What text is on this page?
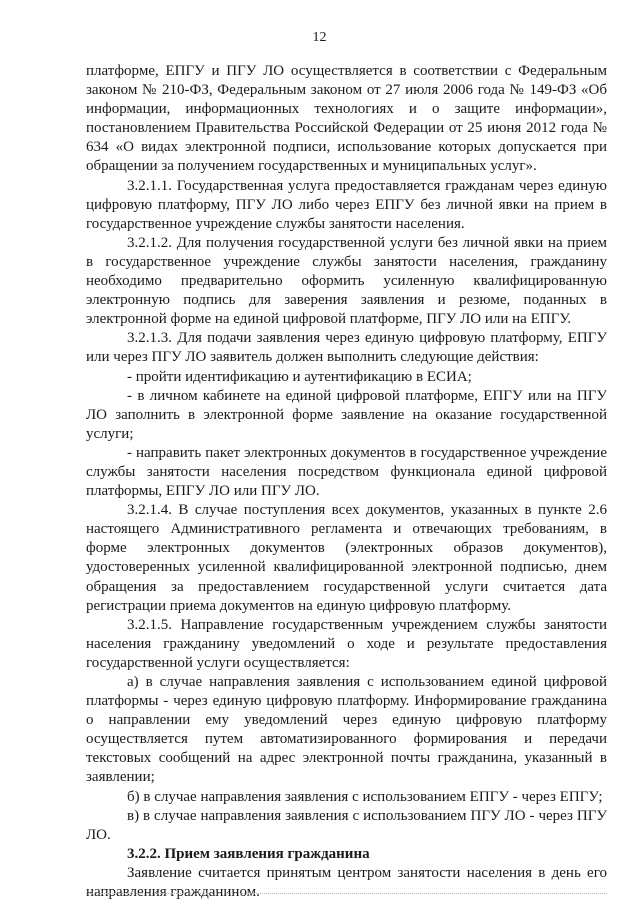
12

платформе, ЕПГУ и ПГУ ЛО осуществляется в соответствии с Федеральным законом № 210-ФЗ, Федеральным законом от 27 июля 2006 года № 149-ФЗ «Об информации, информационных технологиях и о защите информации», постановлением Правительства Российской Федерации от 25 июня 2012 года № 634 «О видах электронной подписи, использование которых допускается при обращении за получением государственных и муниципальных услуг».

3.2.1.1. Государственная услуга предоставляется гражданам через единую цифровую платформу, ПГУ ЛО либо через ЕПГУ без личной явки на прием в государственное учреждение службы занятости населения.

3.2.1.2. Для получения государственной услуги без личной явки на прием в государственное учреждение службы занятости населения, гражданину необходимо предварительно оформить усиленную квалифицированную электронную подпись для заверения заявления и резюме, поданных в электронной форме на единой цифровой платформе, ПГУ ЛО или на ЕПГУ.

3.2.1.3. Для подачи заявления через единую цифровую платформу, ЕПГУ или через ПГУ ЛО заявитель должен выполнить следующие действия:

- пройти идентификацию и аутентификацию в ЕСИА;

- в личном кабинете на единой цифровой платформе, ЕПГУ или на ПГУ ЛО заполнить в электронной форме заявление на оказание государственной услуги;

- направить пакет электронных документов в государственное учреждение службы занятости населения посредством функционала единой цифровой платформы, ЕПГУ ЛО или ПГУ ЛО.

3.2.1.4. В случае поступления всех документов, указанных в пункте 2.6 настоящего Административного регламента и отвечающих требованиям, в форме электронных документов (электронных образов документов), удостоверенных усиленной квалифицированной электронной подписью, днем обращения за предоставлением государственной услуги считается дата регистрации приема документов на единую цифровую платформу.

3.2.1.5. Направление государственным учреждением службы занятости населения гражданину уведомлений о ходе и результате предоставления государственной услуги осуществляется:

а) в случае направления заявления с использованием единой цифровой платформы - через единую цифровую платформу. Информирование гражданина о направлении ему уведомлений через единую цифровую платформу осуществляется путем автоматизированного формирования и передачи текстовых сообщений на адрес электронной почты гражданина, указанный в заявлении;

б) в случае направления заявления с использованием ЕПГУ - через ЕПГУ;

в) в случае направления заявления с использованием ПГУ ЛО - через ПГУ ЛО.

3.2.2. Прием заявления гражданина

Заявление считается принятым центром занятости населения в день его направления гражданином.
